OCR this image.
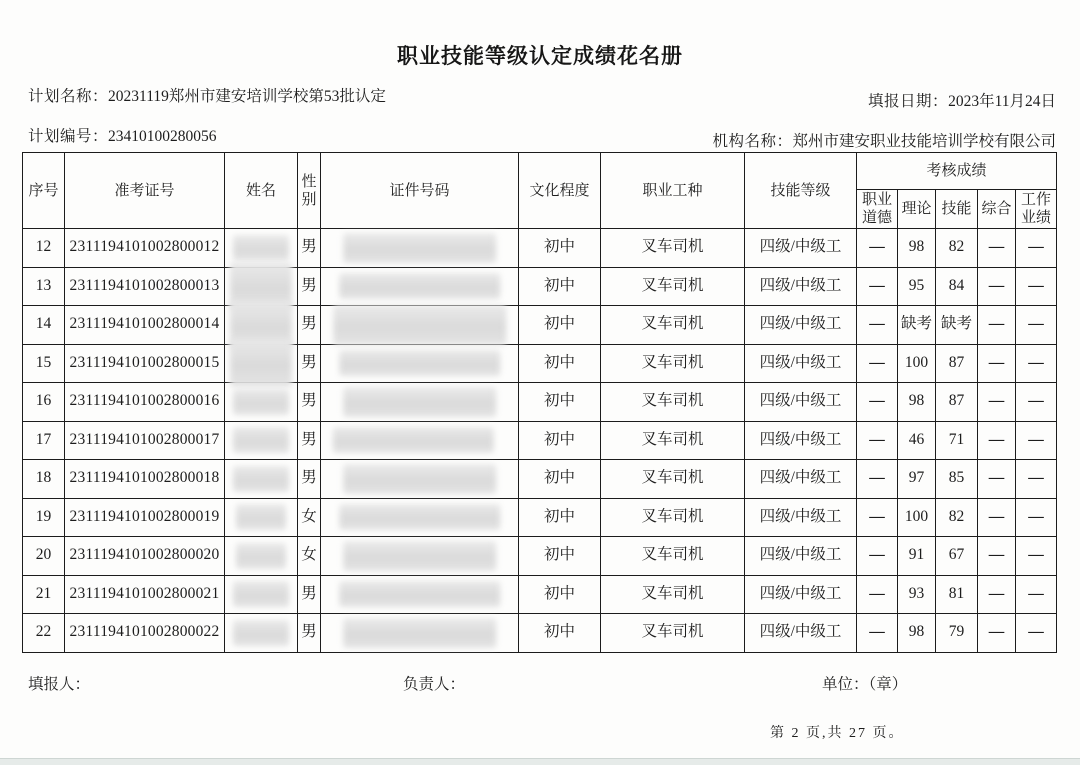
职业技能等级认定成绩花名册
计划名称：20231119郑州市建安培训学校第53批认定	填报日期：2023年11月24日
计划编号：23410100280056	机构名称：郑州市建安职业技能培训学校有限公司
序号	准考证号	姓名	性别	证件号码	文化程度	职业工种	技能等级	考核成绩				
								职业道德	理论	技能	综合	工作业绩
12	2311194101002800012		男		初中	叉车司机	四级/中级工	—	98	82	—	—
13	2311194101002800013		男		初中	叉车司机	四级/中级工	—	95	84	—	—
14	2311194101002800014		男		初中	叉车司机	四级/中级工	—	缺考	缺考	—	—
15	2311194101002800015		男		初中	叉车司机	四级/中级工	—	100	87	—	—
16	2311194101002800016		男		初中	叉车司机	四级/中级工	—	98	87	—	—
17	2311194101002800017		男		初中	叉车司机	四级/中级工	—	46	71	—	—
18	2311194101002800018		男		初中	叉车司机	四级/中级工	—	97	85	—	—
19	2311194101002800019		女		初中	叉车司机	四级/中级工	—	100	82	—	—
20	2311194101002800020		女		初中	叉车司机	四级/中级工	—	91	67	—	—
21	2311194101002800021		男		初中	叉车司机	四级/中级工	—	93	81	—	—
22	2311194101002800022		男		初中	叉车司机	四级/中级工	—	98	79	—	—
填报人：	负责人：	单位：（章）
第 2 页,共 27 页。
